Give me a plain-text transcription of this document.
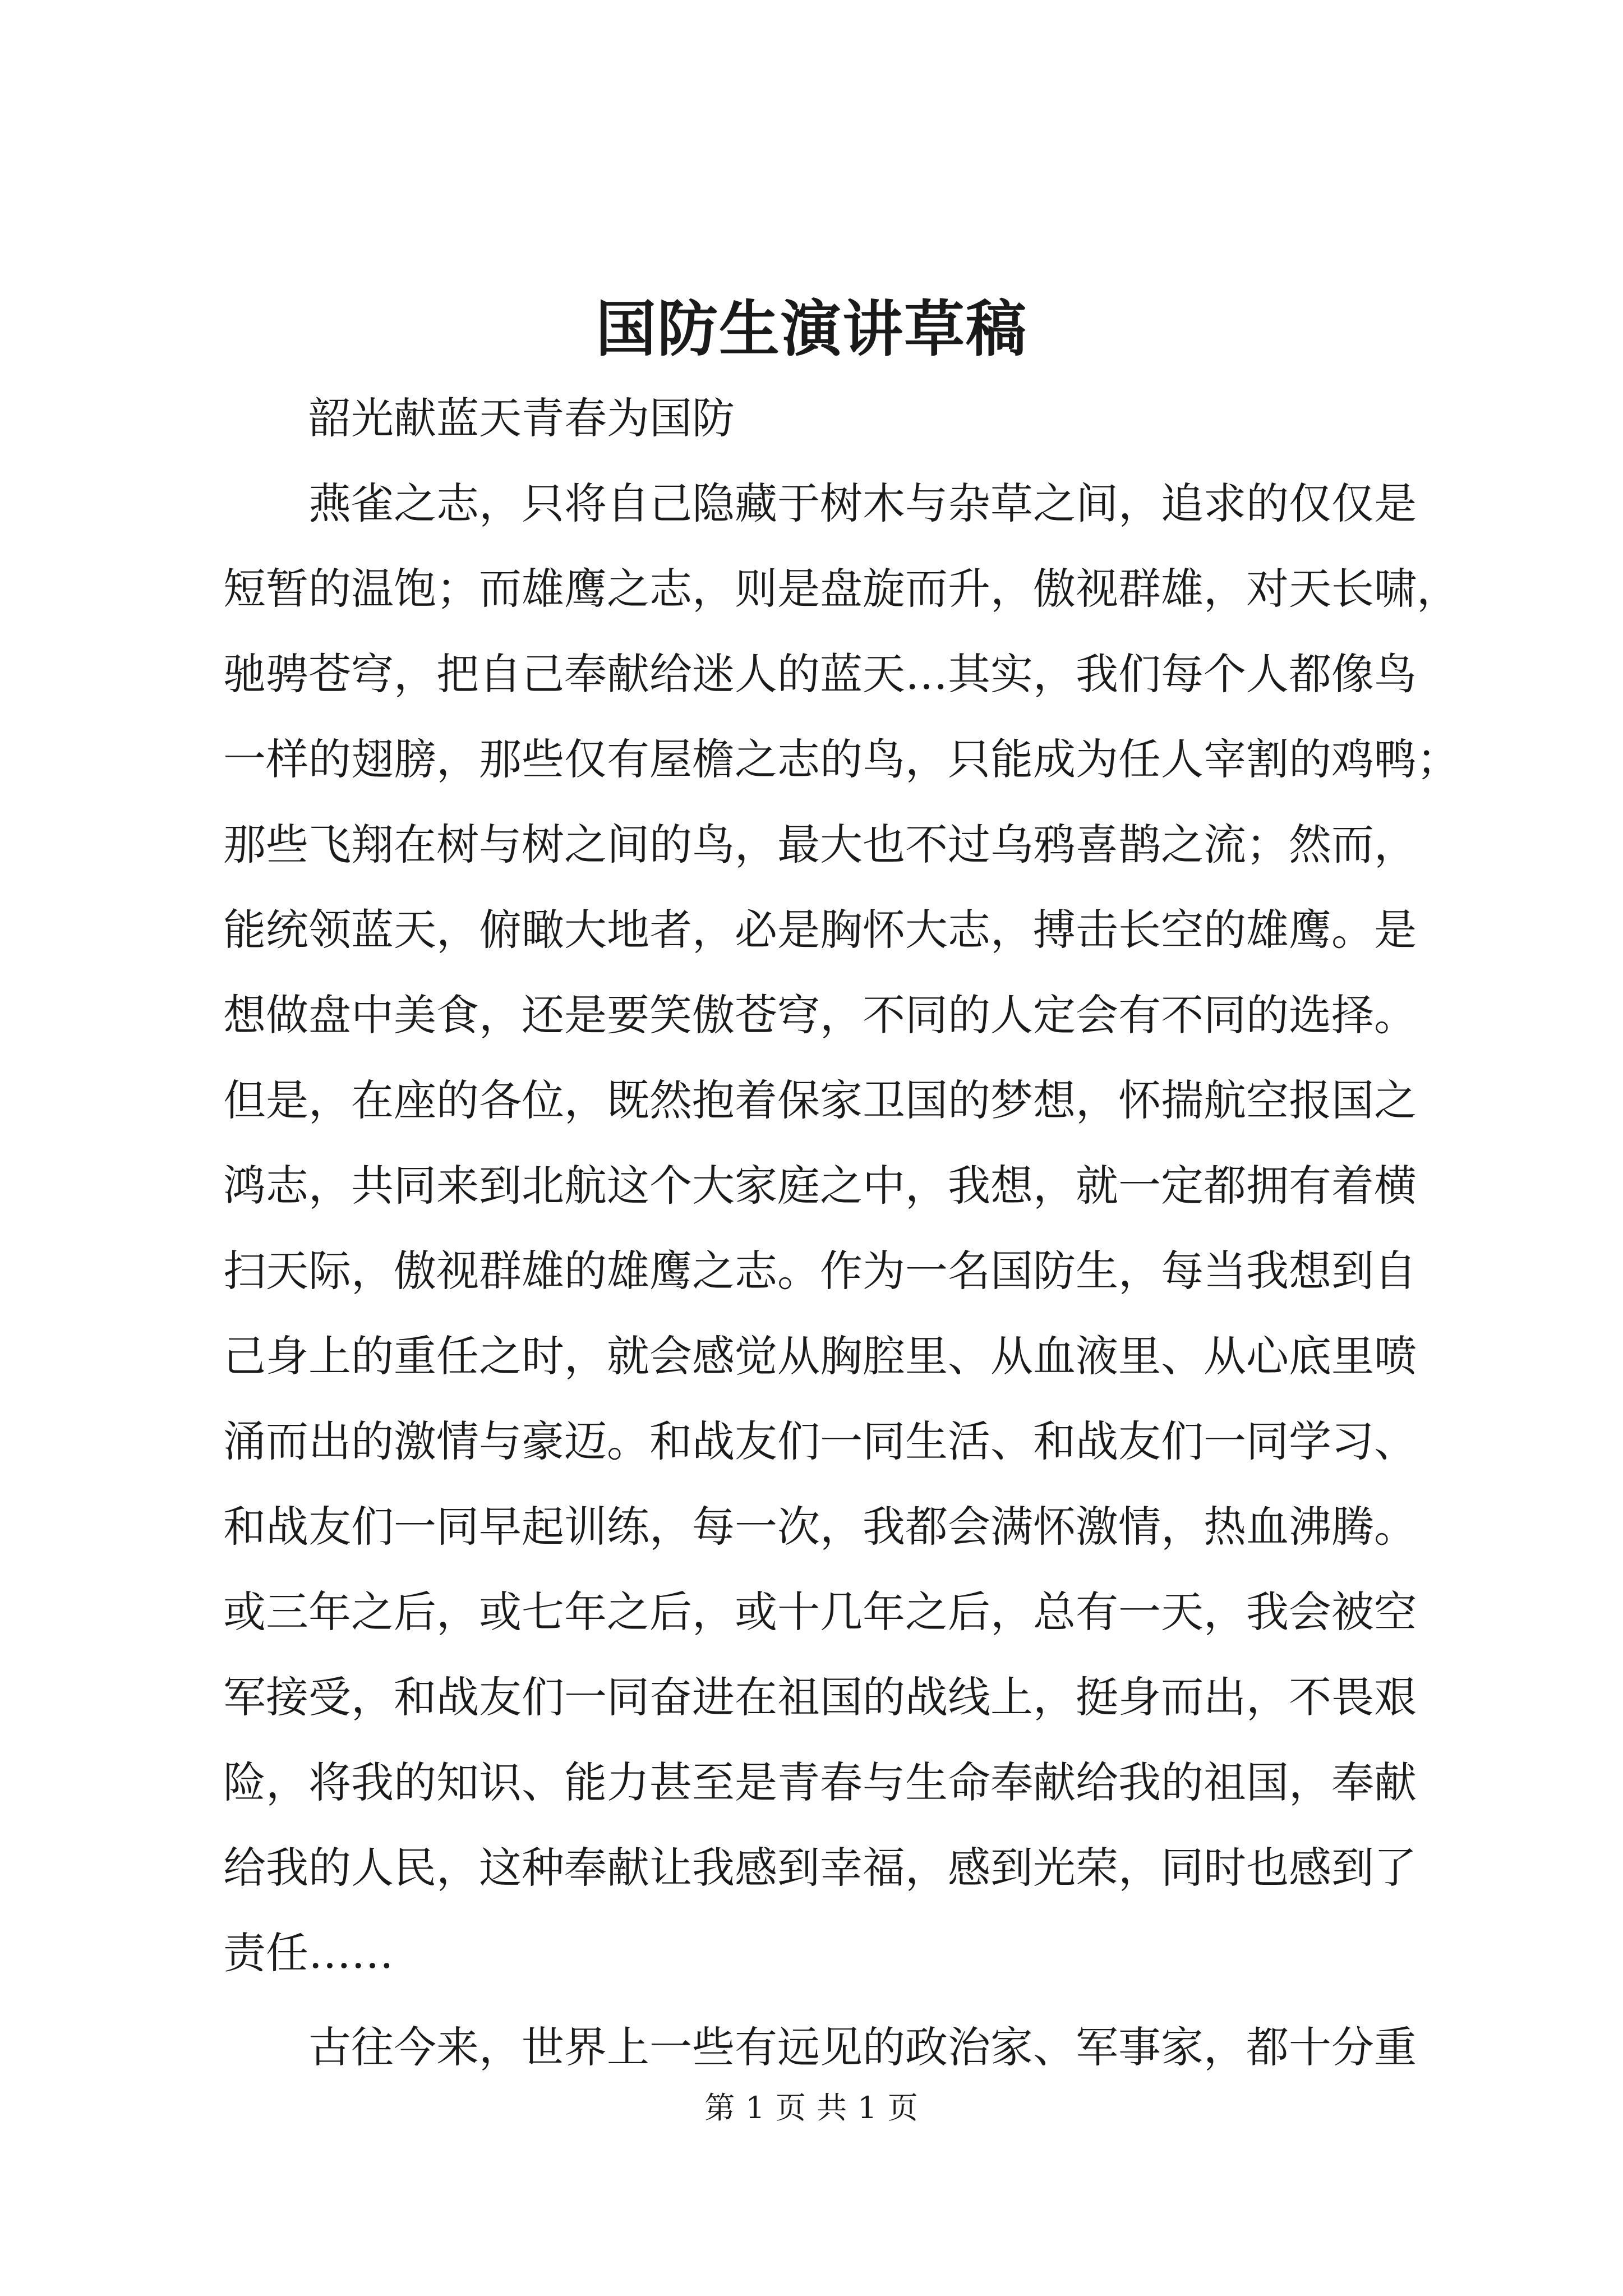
国防生演讲草稿

韶光献蓝天青春为国防

燕雀之志，只将自己隐藏于树木与杂草之间，追求的仅仅是
短暂的温饱；而雄鹰之志，则是盘旋而升，傲视群雄，对天长啸，
驰骋苍穹，把自己奉献给迷人的蓝天…其实，我们每个人都像鸟
一样的翅膀，那些仅有屋檐之志的鸟，只能成为任人宰割的鸡鸭；
那些飞翔在树与树之间的鸟，最大也不过乌鸦喜鹊之流；然而，
能统领蓝天，俯瞰大地者，必是胸怀大志，搏击长空的雄鹰。是
想做盘中美食，还是要笑傲苍穹，不同的人定会有不同的选择。
但是，在座的各位，既然抱着保家卫国的梦想，怀揣航空报国之
鸿志，共同来到北航这个大家庭之中，我想，就一定都拥有着横
扫天际，傲视群雄的雄鹰之志。作为一名国防生，每当我想到自
己身上的重任之时，就会感觉从胸腔里、从血液里、从心底里喷
涌而出的激情与豪迈。和战友们一同生活、和战友们一同学习、
和战友们一同早起训练，每一次，我都会满怀激情，热血沸腾。
或三年之后，或七年之后，或十几年之后，总有一天，我会被空
军接受，和战友们一同奋进在祖国的战线上，挺身而出，不畏艰
险，将我的知识、能力甚至是青春与生命奉献给我的祖国，奉献
给我的人民，这种奉献让我感到幸福，感到光荣，同时也感到了
责任……
古往今来，世界上一些有远见的政治家、军事家，都十分重
第 1 页 共 1 页
